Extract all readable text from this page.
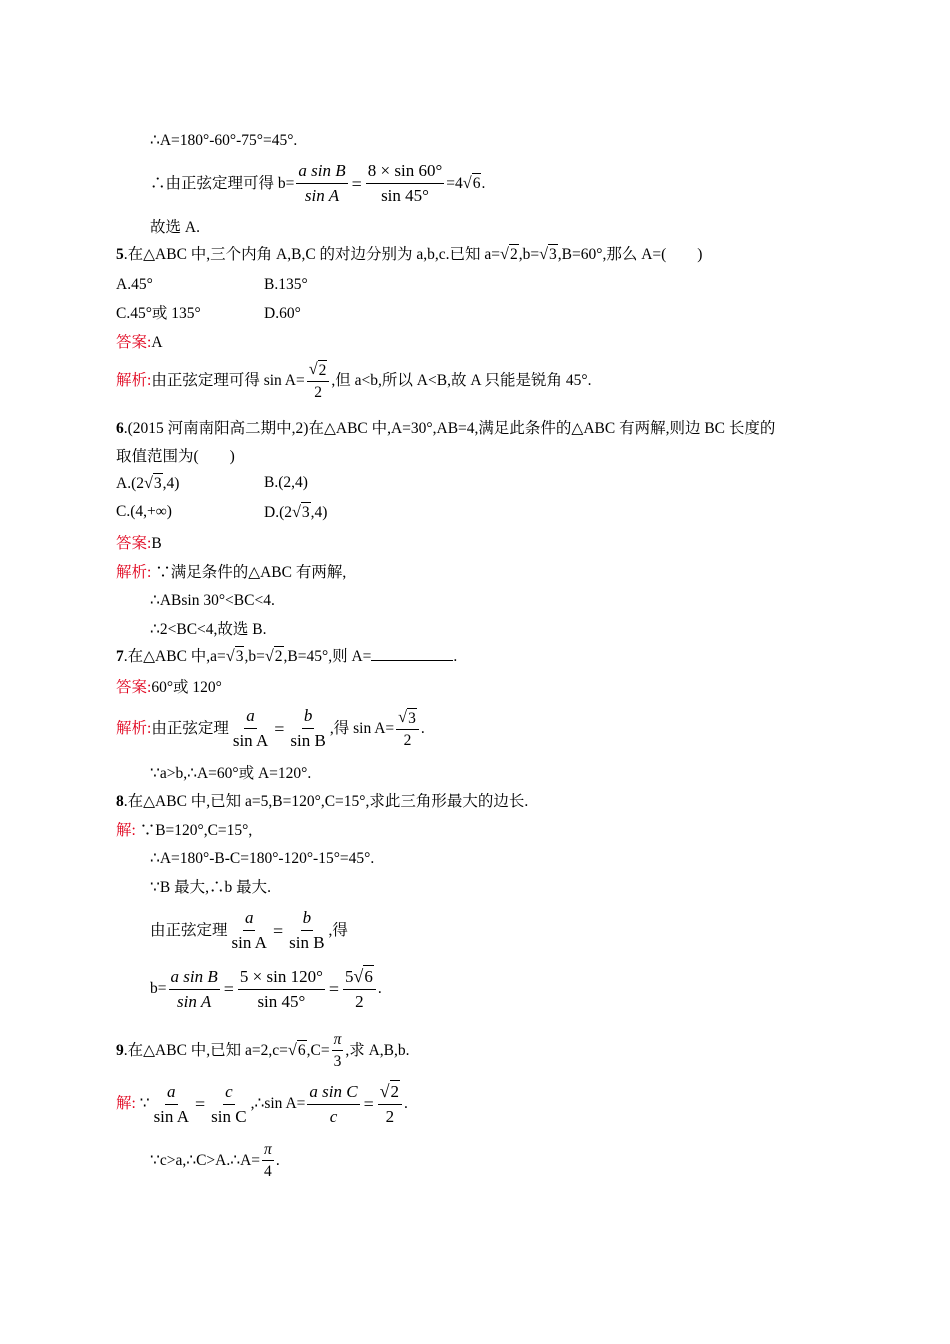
∴A=180°-60°-75°=45°.
∴由正弦定理可得 $b= \frac{\text{a sin B}}{\text{sin A}} = \frac{8 \times \sin 60^\circ}{\sin 45^\circ} =4$ √ 6 .
故选 A.
5.在△ABC 中,三个内角 A,B,C 的对边分别为 a,b,c.已知 a= √ 2 ,b= √ 3 ,B=60°,那么 A=(　　)
A.45°	B.135°
C.45°或 135°	D.60°
答案:A
解析: 由正弦定理可得 $\sin A= \frac{√ 2}{2}$ ,但 a<b,所以 A<B,故 A 只能是锐角 45°.
6.(2015 河南南阳高二期中,2)在△ABC 中,A=30°,AB=4,满足此条件的△ABC 有两解,则边 BC 长度的
取值范围为(　　)
A.(2 √ 3 ,4)	B.(2,4)
C.(4,+∞)	D.(2 √ 3 ,4)
答案:B
解析: ∵满足条件的△ABC 有两解,
∴ABsin 30°<BC<4.
∴2<BC<4,故选 B.
7.在△ABC 中,a= √ 3 ,b= √ 2 ,B=45°,则 A=	.
答案:60°或 120°
解析: 由正弦定理 $\frac{a}{\text{sin A}} = \frac{b}{\text{sin B}}$ ,得 $\sin A= \frac{√ 3}{2}$ .
∵a>b,∴A=60°或 A=120°.
8.在△ABC 中,已知 a=5,B=120°,C=15°,求此三角形最大的边长.
解: ∵B=120°,C=15°,
∴A=180°-B-C=180°-120°-15°=45°.
∵B 最大,∴b 最大.
由正弦定理 $\frac{a}{\text{sin A}} = \frac{b}{\text{sin B}}$ ,得
$b= \frac{\text{a sin B}}{\text{sin A}} = \frac{5 \times \sin 120^\circ}{\sin 45^\circ} = \frac{5 √ 6}{2}$ .
9 .在△ABC 中,已知 a=2,c= √ 6 $,C= \frac{\pi}{3}$ ,求 A,B,b.
解:
∵ $\frac{a}{\text{sin A}} = \frac{c}{\text{sin C}}$ ,∴sin $A= \frac{\text{a sin C}}{c} = \frac{√ 2}{2}$ .
∵c>a,∴C>A.∴A= $\frac{\pi}{4}$ .
